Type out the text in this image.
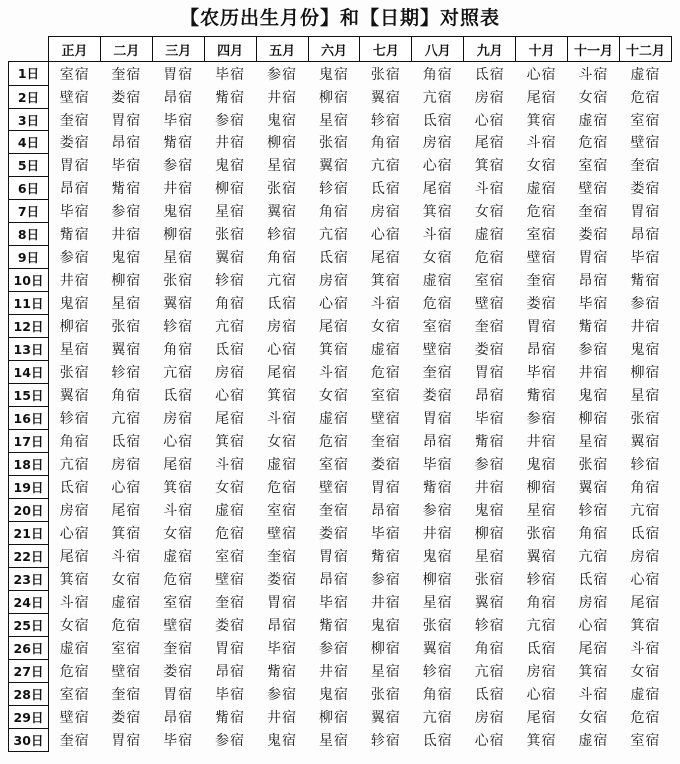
【农历出生月份】和【日期】对照表
	正月	二月	三月	四月	五月	六月	七月	八月	九月	十月	十一月	十二月
1日	室宿	奎宿	胃宿	毕宿	参宿	鬼宿	张宿	角宿	氐宿	心宿	斗宿	虚宿
2日	壁宿	娄宿	昂宿	觜宿	井宿	柳宿	翼宿	亢宿	房宿	尾宿	女宿	危宿
3日	奎宿	胃宿	毕宿	参宿	鬼宿	星宿	轸宿	氐宿	心宿	箕宿	虚宿	室宿
4日	娄宿	昂宿	觜宿	井宿	柳宿	张宿	角宿	房宿	尾宿	斗宿	危宿	壁宿
5日	胃宿	毕宿	参宿	鬼宿	星宿	翼宿	亢宿	心宿	箕宿	女宿	室宿	奎宿
6日	昂宿	觜宿	井宿	柳宿	张宿	轸宿	氐宿	尾宿	斗宿	虚宿	壁宿	娄宿
7日	毕宿	参宿	鬼宿	星宿	翼宿	角宿	房宿	箕宿	女宿	危宿	奎宿	胃宿
8日	觜宿	井宿	柳宿	张宿	轸宿	亢宿	心宿	斗宿	虚宿	室宿	娄宿	昂宿
9日	参宿	鬼宿	星宿	翼宿	角宿	氐宿	尾宿	女宿	危宿	壁宿	胃宿	毕宿
10日	井宿	柳宿	张宿	轸宿	亢宿	房宿	箕宿	虚宿	室宿	奎宿	昂宿	觜宿
11日	鬼宿	星宿	翼宿	角宿	氐宿	心宿	斗宿	危宿	壁宿	娄宿	毕宿	参宿
12日	柳宿	张宿	轸宿	亢宿	房宿	尾宿	女宿	室宿	奎宿	胃宿	觜宿	井宿
13日	星宿	翼宿	角宿	氐宿	心宿	箕宿	虚宿	壁宿	娄宿	昂宿	参宿	鬼宿
14日	张宿	轸宿	亢宿	房宿	尾宿	斗宿	危宿	奎宿	胃宿	毕宿	井宿	柳宿
15日	翼宿	角宿	氐宿	心宿	箕宿	女宿	室宿	娄宿	昂宿	觜宿	鬼宿	星宿
16日	轸宿	亢宿	房宿	尾宿	斗宿	虚宿	壁宿	胃宿	毕宿	参宿	柳宿	张宿
17日	角宿	氐宿	心宿	箕宿	女宿	危宿	奎宿	昂宿	觜宿	井宿	星宿	翼宿
18日	亢宿	房宿	尾宿	斗宿	虚宿	室宿	娄宿	毕宿	参宿	鬼宿	张宿	轸宿
19日	氐宿	心宿	箕宿	女宿	危宿	壁宿	胃宿	觜宿	井宿	柳宿	翼宿	角宿
20日	房宿	尾宿	斗宿	虚宿	室宿	奎宿	昂宿	参宿	鬼宿	星宿	轸宿	亢宿
21日	心宿	箕宿	女宿	危宿	壁宿	娄宿	毕宿	井宿	柳宿	张宿	角宿	氐宿
22日	尾宿	斗宿	虚宿	室宿	奎宿	胃宿	觜宿	鬼宿	星宿	翼宿	亢宿	房宿
23日	箕宿	女宿	危宿	壁宿	娄宿	昂宿	参宿	柳宿	张宿	轸宿	氐宿	心宿
24日	斗宿	虚宿	室宿	奎宿	胃宿	毕宿	井宿	星宿	翼宿	角宿	房宿	尾宿
25日	女宿	危宿	壁宿	娄宿	昂宿	觜宿	鬼宿	张宿	轸宿	亢宿	心宿	箕宿
26日	虚宿	室宿	奎宿	胃宿	毕宿	参宿	柳宿	翼宿	角宿	氐宿	尾宿	斗宿
27日	危宿	壁宿	娄宿	昂宿	觜宿	井宿	星宿	轸宿	亢宿	房宿	箕宿	女宿
28日	室宿	奎宿	胃宿	毕宿	参宿	鬼宿	张宿	角宿	氐宿	心宿	斗宿	虚宿
29日	壁宿	娄宿	昂宿	觜宿	井宿	柳宿	翼宿	亢宿	房宿	尾宿	女宿	危宿
30日	奎宿	胃宿	毕宿	参宿	鬼宿	星宿	轸宿	氐宿	心宿	箕宿	虚宿	室宿
